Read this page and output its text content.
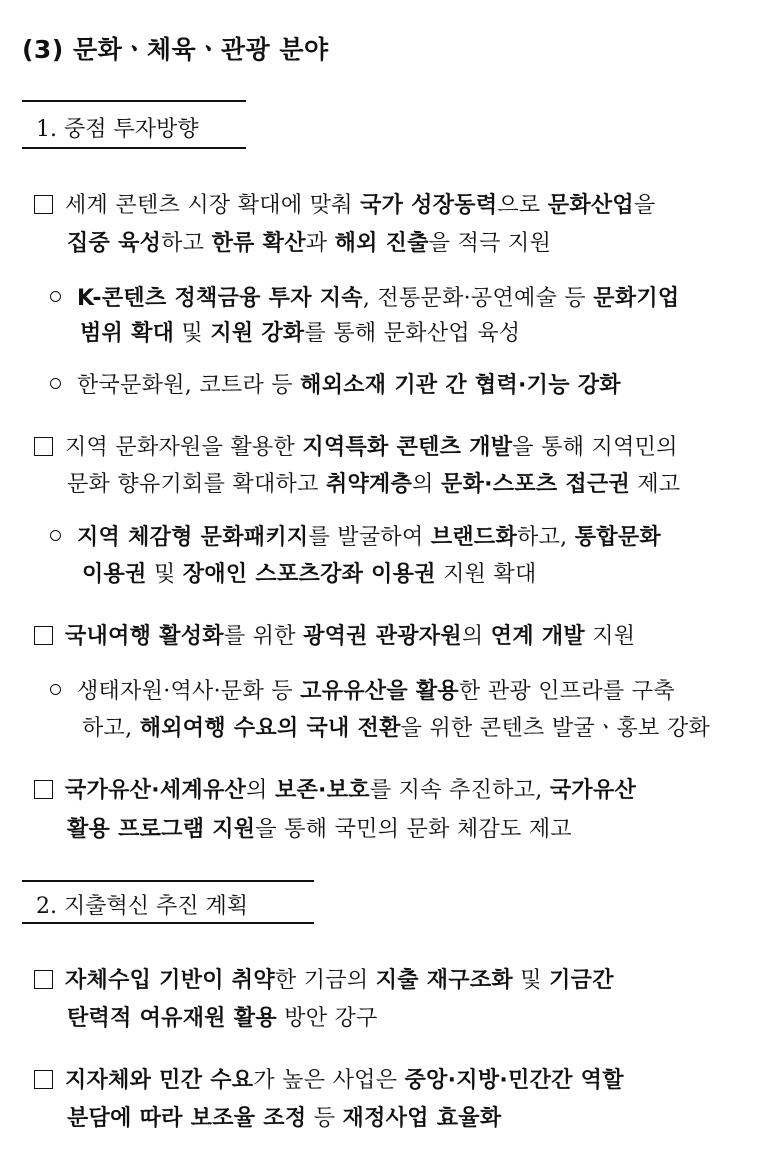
(3) 문화ㆍ체육ㆍ관광 분야
1. 중점 투자방향
세계 콘텐츠 시장 확대에 맞춰 국가 성장동력으로 문화산업을
집중 육성하고 한류 확산과 해외 진출을 적극 지원
K-콘텐츠 정책금융 투자 지속, 전통문화·공연예술 등 문화기업
범위 확대 및 지원 강화를 통해 문화산업 육성
한국문화원, 코트라 등 해외소재 기관 간 협력·기능 강화
지역 문화자원을 활용한 지역특화 콘텐츠 개발을 통해 지역민의
문화 향유기회를 확대하고 취약계층의 문화·스포츠 접근권 제고
지역 체감형 문화패키지를 발굴하여 브랜드화하고, 통합문화
이용권 및 장애인 스포츠강좌 이용권 지원 확대
국내여행 활성화를 위한 광역권 관광자원의 연계 개발 지원
생태자원·역사·문화 등 고유유산을 활용한 관광 인프라를 구축
하고, 해외여행 수요의 국내 전환을 위한 콘텐츠 발굴ㆍ홍보 강화
국가유산·세계유산의 보존·보호를 지속 추진하고, 국가유산
활용 프로그램 지원을 통해 국민의 문화 체감도 제고
2. 지출혁신 추진 계획
자체수입 기반이 취약한 기금의 지출 재구조화 및 기금간
탄력적 여유재원 활용 방안 강구
지자체와 민간 수요가 높은 사업은 중앙·지방·민간간 역할
분담에 따라 보조율 조정 등 재정사업 효율화
